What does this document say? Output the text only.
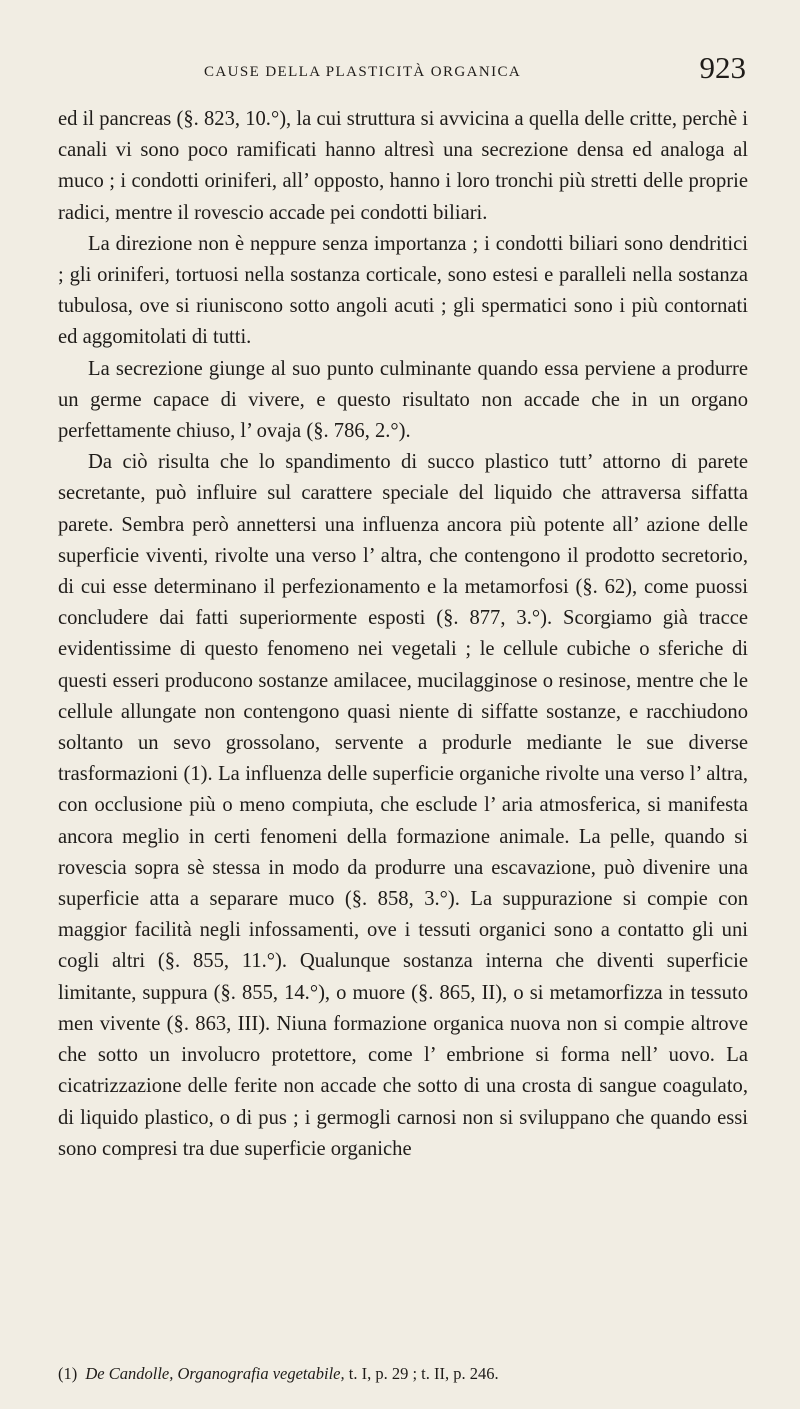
CAUSE DELLA PLASTICITÀ ORGANICA	923

ed il pancreas (§. 823, 10.°), la cui struttura si avvicina a quella delle critte, perchè i canali vi sono poco ramificati hanno altresì una secrezione densa ed analoga al muco ; i condotti oriniferi, all’ opposto, hanno i loro tronchi più stretti delle proprie radici, mentre il rovescio accade pei condotti biliari.

La direzione non è neppure senza importanza ; i condotti biliari sono dendritici ; gli oriniferi, tortuosi nella sostanza corticale, sono estesi e paralleli nella sostanza tubulosa, ove si riuniscono sotto angoli acuti ; gli spermatici sono i più contornati ed aggomitolati di tutti.

La secrezione giunge al suo punto culminante quando essa perviene a produrre un germe capace di vivere, e questo risultato non accade che in un organo perfettamente chiuso, l’ ovaja (§. 786, 2.°).

Da ciò risulta che lo spandimento di succo plastico tutt’ attorno di parete secretante, può influire sul carattere speciale del liquido che attraversa siffatta parete. Sembra però annettersi una influenza ancora più potente all’ azione delle superficie viventi, rivolte una verso l’ altra, che contengono il prodotto secretorio, di cui esse determinano il perfezionamento e la metamorfosi (§. 62), come puossi concludere dai fatti superiormente esposti (§. 877, 3.°). Scorgiamo già tracce evidentissime di questo fenomeno nei vegetali ; le cellule cubiche o sferiche di questi esseri producono sostanze amilacee, mucilagginose o resinose, mentre che le cellule allungate non contengono quasi niente di siffatte sostanze, e racchiudono soltanto un sevo grossolano, servente a produrle mediante le sue diverse trasformazioni (1). La influenza delle superficie organiche rivolte una verso l’ altra, con occlusione più o meno compiuta, che esclude l’ aria atmosferica, si manifesta ancora meglio in certi fenomeni della formazione animale. La pelle, quando si rovescia sopra sè stessa in modo da produrre una escavazione, può divenire una superficie atta a separare muco (§. 858, 3.°). La suppurazione si compie con maggior facilità negli infossamenti, ove i tessuti organici sono a contatto gli uni cogli altri (§. 855, 11.°). Qualunque sostanza interna che diventi superficie limitante, suppura (§. 855, 14.°), o muore (§. 865, II), o si metamorfizza in tessuto men vivente (§. 863, III). Niuna formazione organica nuova non si compie altrove che sotto un involucro protettore, come l’ embrione si forma nell’ uovo. La cicatrizzazione delle ferite non accade che sotto di una crosta di sangue coagulato, di liquido plastico, o di pus ; i germogli carnosi non si sviluppano che quando essi sono compresi tra due superficie organiche

(1) De Candolle, Organografia vegetabile, t. I, p. 29 ; t. II, p. 246.
